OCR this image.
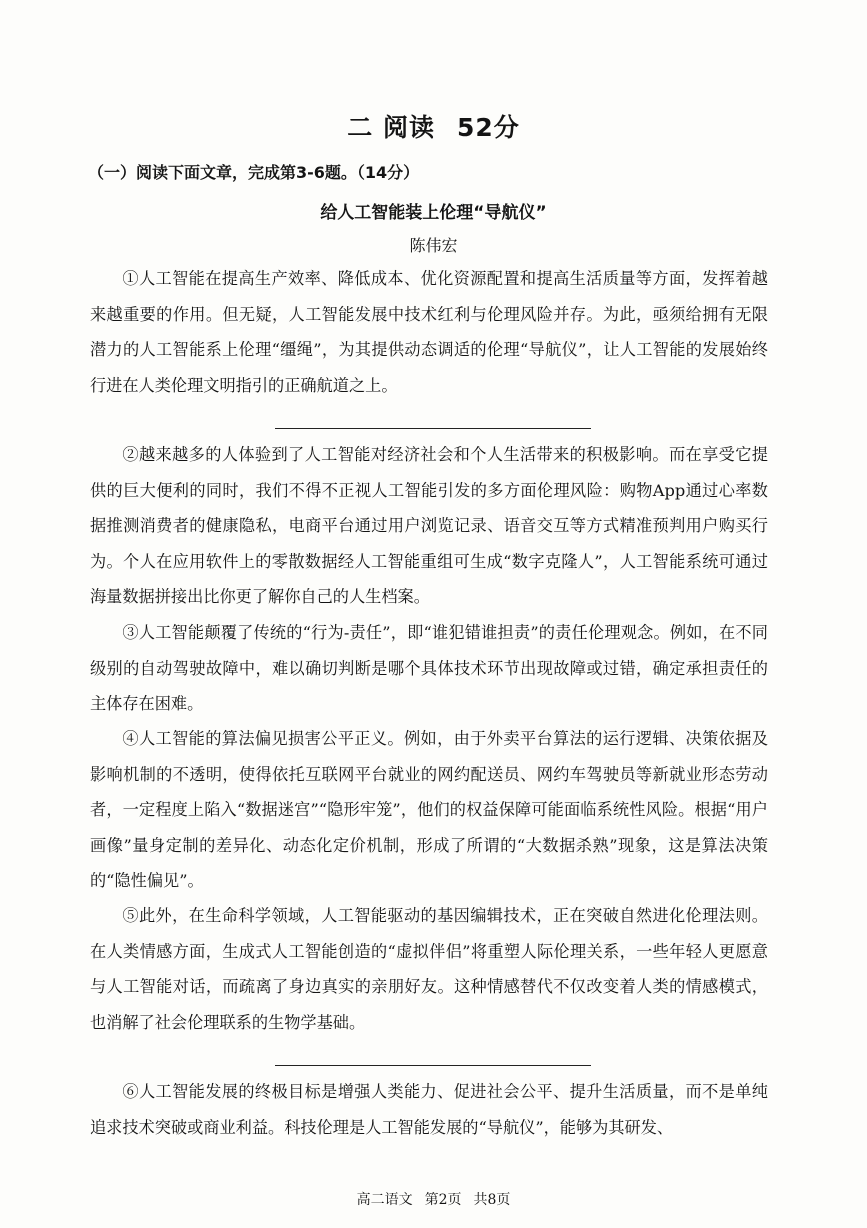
二 阅读 52分
（一）阅读下面文章，完成第3-6题。（14分）
给人工智能装上伦理“导航仪”
陈伟宏

①人工智能在提高生产效率、降低成本、优化资源配置和提高生活质量等方面，发挥着越来越重要的作用。但无疑，人工智能发展中技术红利与伦理风险并存。为此，亟须给拥有无限潜力的人工智能系上伦理“缰绳”，为其提供动态调适的伦理“导航仪”，让人工智能的发展始终行进在人类伦理文明指引的正确航道之上。

②越来越多的人体验到了人工智能对经济社会和个人生活带来的积极影响。而在享受它提供的巨大便利的同时，我们不得不正视人工智能引发的多方面伦理风险：购物App通过心率数据推测消费者的健康隐私，电商平台通过用户浏览记录、语音交互等方式精准预判用户购买行为。个人在应用软件上的零散数据经人工智能重组可生成“数字克隆人”，人工智能系统可通过海量数据拼接出比你更了解你自己的人生档案。

③人工智能颠覆了传统的“行为-责任”，即“谁犯错谁担责”的责任伦理观念。例如，在不同级别的自动驾驶故障中，难以确切判断是哪个具体技术环节出现故障或过错，确定承担责任的主体存在困难。

④人工智能的算法偏见损害公平正义。例如，由于外卖平台算法的运行逻辑、决策依据及影响机制的不透明，使得依托互联网平台就业的网约配送员、网约车驾驶员等新就业形态劳动者，一定程度上陷入“数据迷宫”“隐形牢笼”，他们的权益保障可能面临系统性风险。根据“用户画像”量身定制的差异化、动态化定价机制，形成了所谓的“大数据杀熟”现象，这是算法决策的“隐性偏见”。

⑤此外，在生命科学领域，人工智能驱动的基因编辑技术，正在突破自然进化伦理法则。在人类情感方面，生成式人工智能创造的“虚拟伴侣”将重塑人际伦理关系，一些年轻人更愿意与人工智能对话，而疏离了身边真实的亲朋好友。这种情感替代不仅改变着人类的情感模式，也消解了社会伦理联系的生物学基础。

⑥人工智能发展的终极目标是增强人类能力、促进社会公平、提升生活质量，而不是单纯追求技术突破或商业利益。科技伦理是人工智能发展的“导航仪”，能够为其研发、

高二语文 第2页 共8页
